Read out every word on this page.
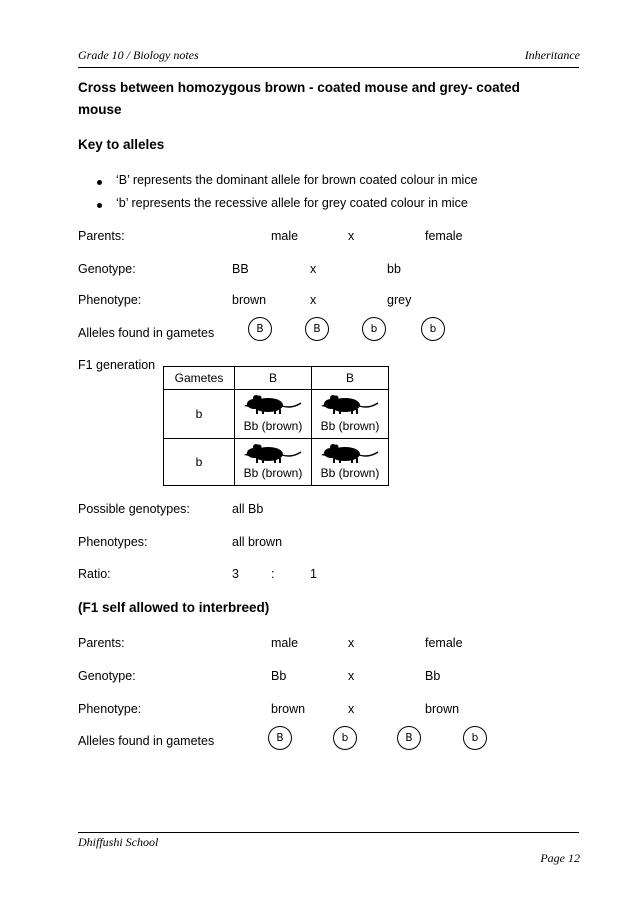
Grade 10 / Biology notes	Inheritance
Cross between homozygous brown - coated mouse and grey- coated
mouse
Key to alleles
‘B’ represents the dominant allele for brown coated colour in mice
‘b’ represents the recessive allele for grey coated colour in mice
Parents:	male	x	female
Genotype:	BB	x	bb
Phenotype:	brown	x	grey
Alleles found in gametes	B	B	b	b
F1 generation
Gametes	B	B
b	Bb (brown)	Bb (brown)

b	Bb (brown)	Bb (brown)
Possible genotypes:	all Bb
Phenotypes:	all brown
Ratio:	3	:	1
(F1 self allowed to interbreed)
Parents:	male	x	female
Genotype:	Bb	x	Bb
Phenotype:	brown	x	brown
Alleles found in gametes	B	b	B	b
Dhiffushi School
Page 12
